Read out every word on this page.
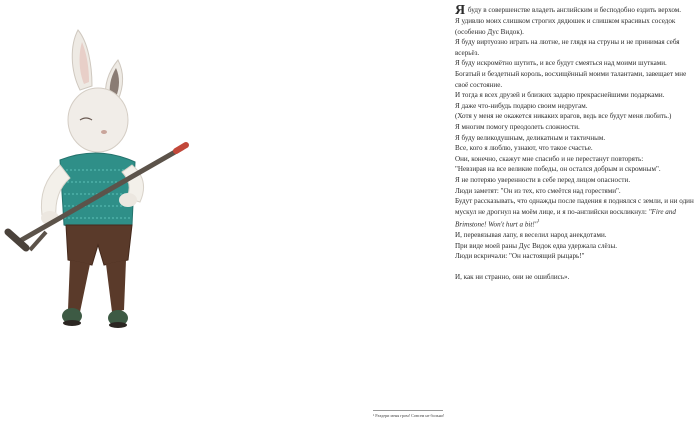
Я буду в совершенстве владеть английским и бесподобно ездить верхом.

Я удивлю моих слишком строгих дядюшек и слишком красивых соседок (особенно Дус Видок).

Я буду виртуозно играть на лютне, не глядя на струны и не принимая себя всерьёз.

Я буду искромётно шутить, и все будут смеяться над моими шутками.

Богатый и бездетный король, восхищённый моими талантами, завещает мне своё состояние.

И тогда я всех друзей и близких задарю прекраснейшими подарками.

Я даже что-нибудь подарю своим недругам.

(Хотя у меня не окажется никаких врагов, ведь все будут меня любить.)

Я многим помогу преодолеть сложности.

Я буду великодушным, деликатным и тактичным.

Все, кого я люблю, узнают, что такое счастье.

Они, конечно, скажут мне спасибо и не перестанут повторять:

"Невзирая на все великие победы, он остался добрым и скромным".

Я не потеряю уверенности в себе перед лицом опасности.

Люди заметят: "Он из тех, кто смеётся над горестями".

Будут рассказывать, что однажды после падения я поднялся с земли, и ни один мускул не дрогнул на моём лице, и я по-английски воскликнул: "Fire and Brimstone! Won't hurt a bit!"$^{^1}$

И, перевязывая лапу, я веселил народ анекдотами.

При виде моей раны Дус Видок едва удержала слёзы.

Люди вскричали: "Он настоящий рыцарь!"

И, как ни странно, они не ошиблись».

¹ Раздери меня гром! Совсем не больно!
